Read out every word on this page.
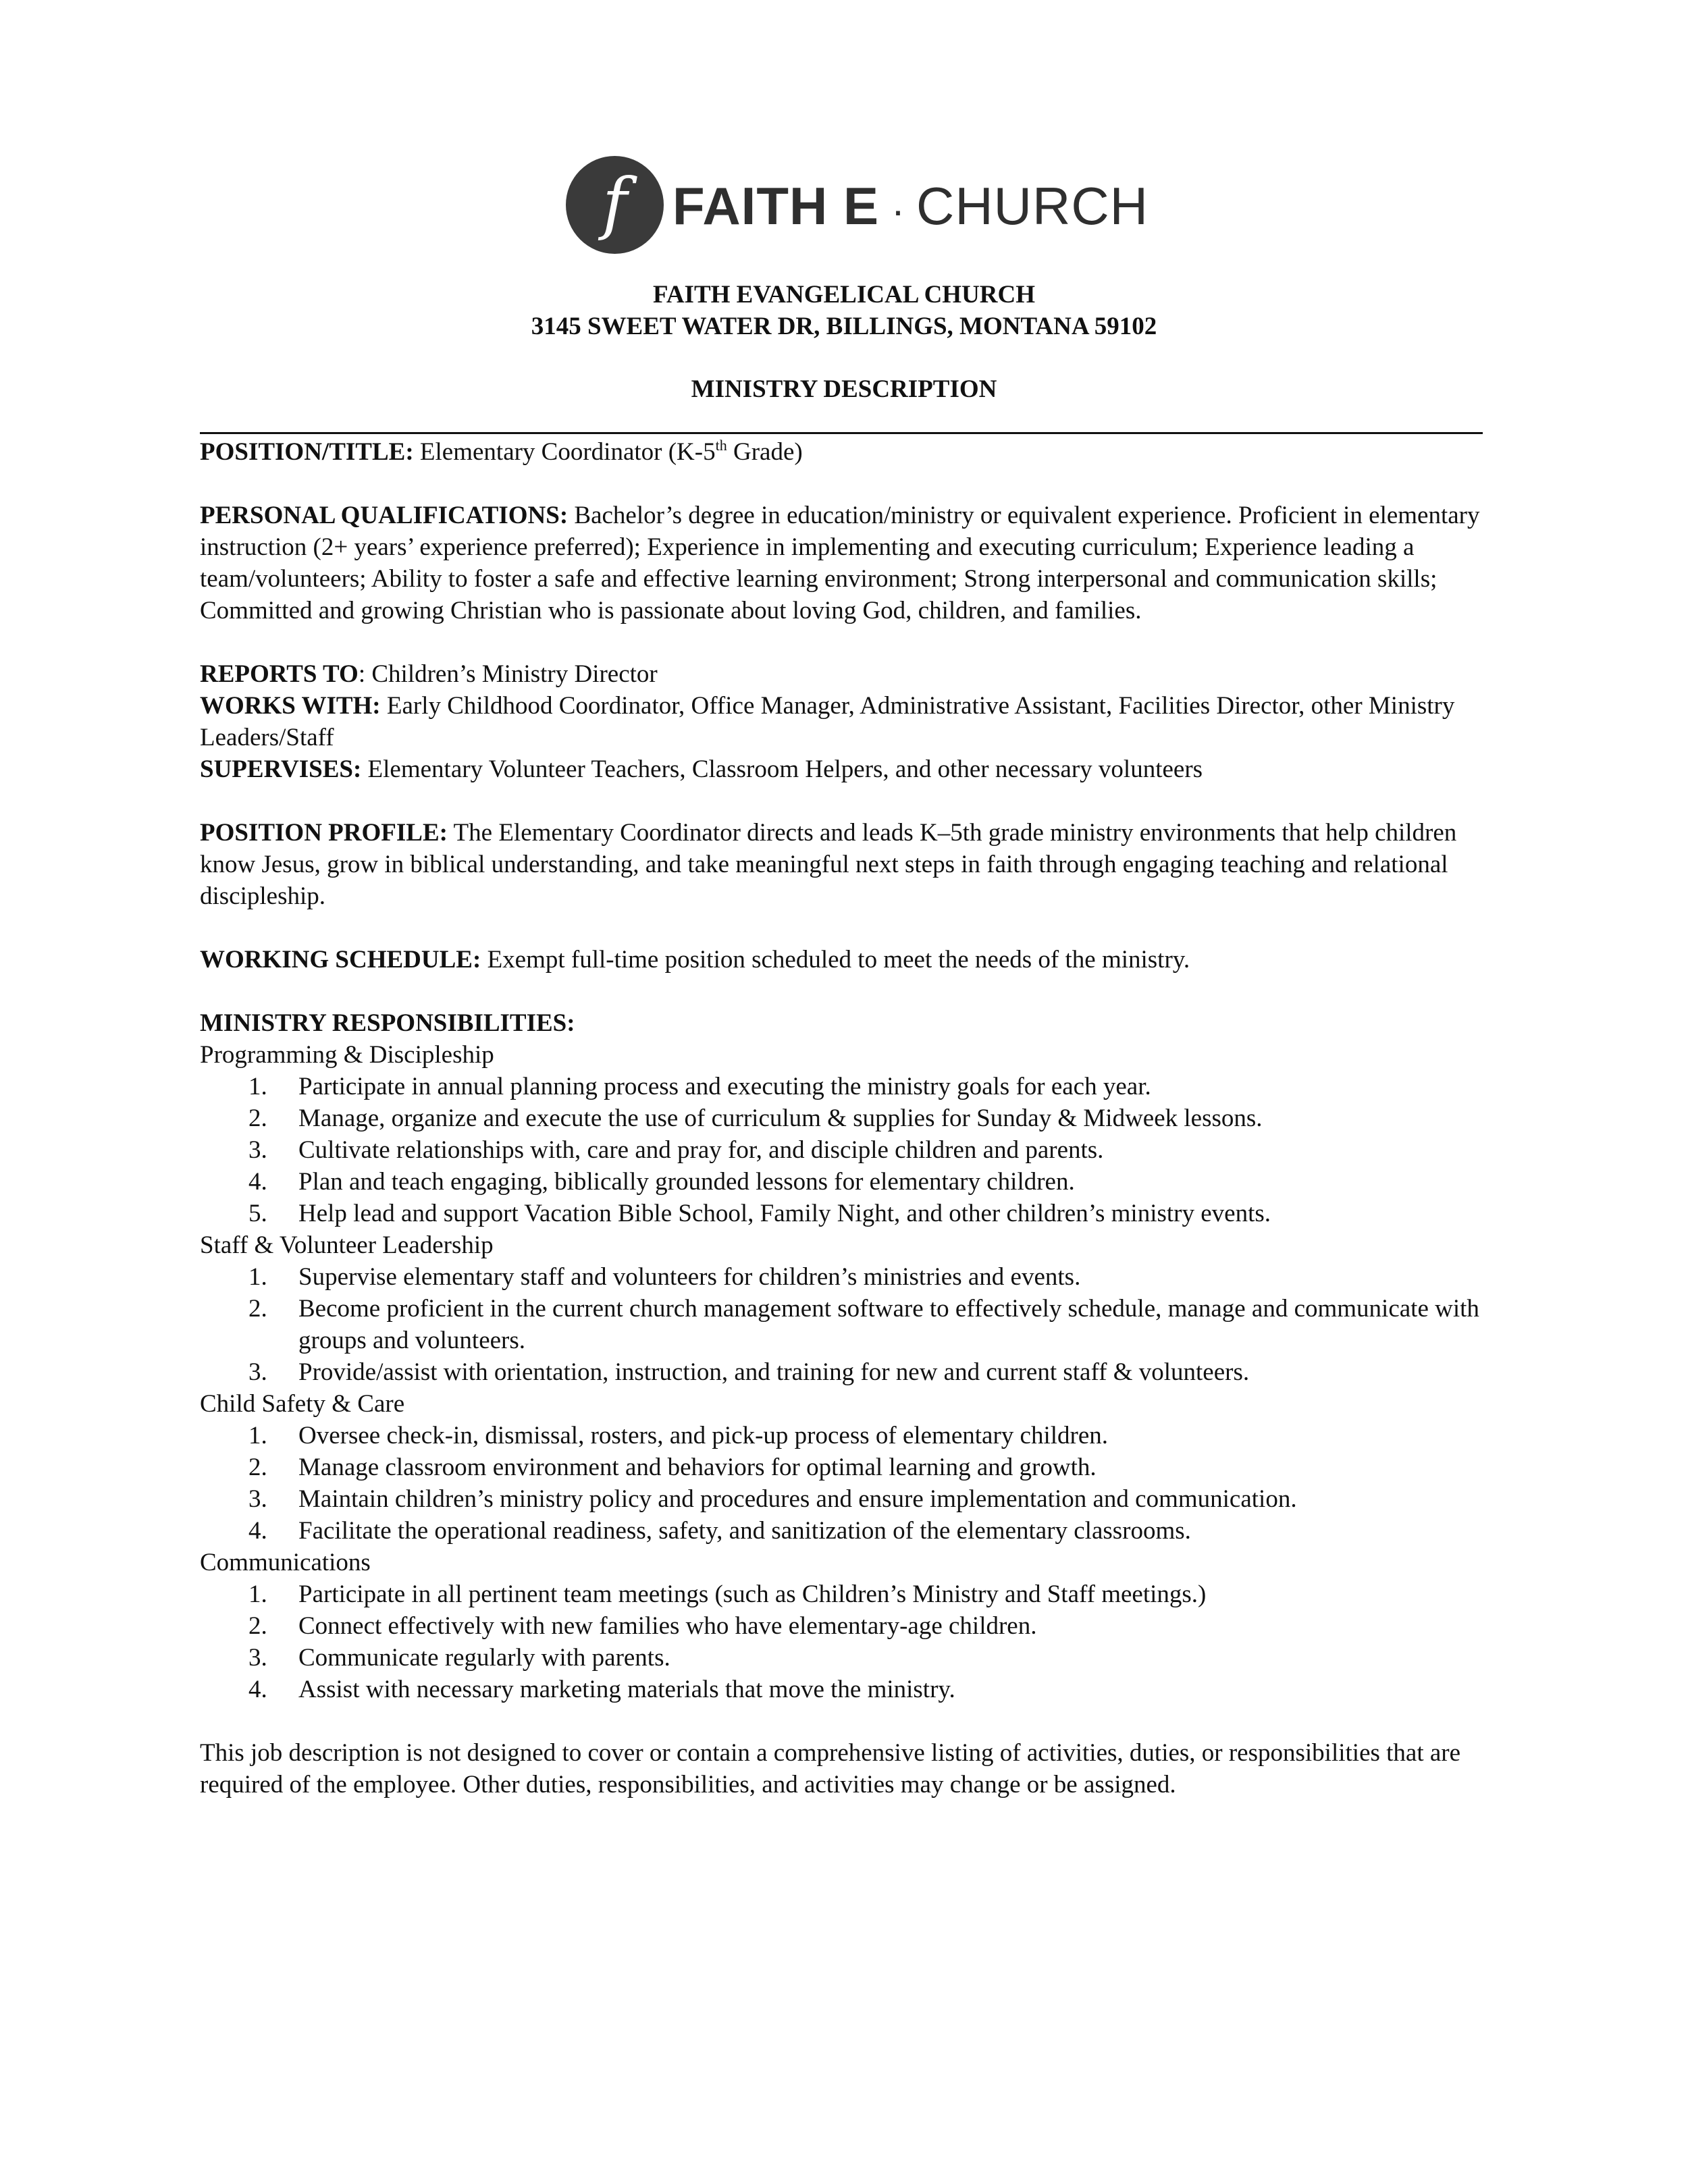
f FAITH E · CHURCH
FAITH EVANGELICAL CHURCH
3145 SWEET WATER DR, BILLINGS, MONTANA 59102
MINISTRY DESCRIPTION

POSITION/TITLE: Elementary Coordinator (K-5th Grade)

PERSONAL QUALIFICATIONS: Bachelor’s degree in education/ministry or equivalent experience. Proficient in elementary instruction (2+ years’ experience preferred); Experience in implementing and executing curriculum; Experience leading a team/volunteers; Ability to foster a safe and effective learning environment; Strong interpersonal and communication skills; Committed and growing Christian who is passionate about loving God, children, and families.

REPORTS TO: Children’s Ministry Director

WORKS WITH: Early Childhood Coordinator, Office Manager, Administrative Assistant, Facilities Director, other Ministry Leaders/Staff

SUPERVISES: Elementary Volunteer Teachers, Classroom Helpers, and other necessary volunteers

POSITION PROFILE: The Elementary Coordinator directs and leads K–5th grade ministry environments that help children know Jesus, grow in biblical understanding, and take meaningful next steps in faith through engaging teaching and relational discipleship.

WORKING SCHEDULE: Exempt full-time position scheduled to meet the needs of the ministry.

MINISTRY RESPONSIBILITIES:

Programming & Discipleship

1. Participate in annual planning process and executing the ministry goals for each year.
2. Manage, organize and execute the use of curriculum & supplies for Sunday & Midweek lessons.
3. Cultivate relationships with, care and pray for, and disciple children and parents.
4. Plan and teach engaging, biblically grounded lessons for elementary children.
5. Help lead and support Vacation Bible School, Family Night, and other children’s ministry events.

Staff & Volunteer Leadership

1. Supervise elementary staff and volunteers for children’s ministries and events.
2. Become proficient in the current church management software to effectively schedule, manage and communicate with groups and volunteers.
3. Provide/assist with orientation, instruction, and training for new and current staff & volunteers.

Child Safety & Care

1. Oversee check-in, dismissal, rosters, and pick-up process of elementary children.
2. Manage classroom environment and behaviors for optimal learning and growth.
3. Maintain children’s ministry policy and procedures and ensure implementation and communication.
4. Facilitate the operational readiness, safety, and sanitization of the elementary classrooms.

Communications

1. Participate in all pertinent team meetings (such as Children’s Ministry and Staff meetings.)
2. Connect effectively with new families who have elementary-age children.
3. Communicate regularly with parents.
4. Assist with necessary marketing materials that move the ministry.

This job description is not designed to cover or contain a comprehensive listing of activities, duties, or responsibilities that are required of the employee. Other duties, responsibilities, and activities may change or be assigned.
